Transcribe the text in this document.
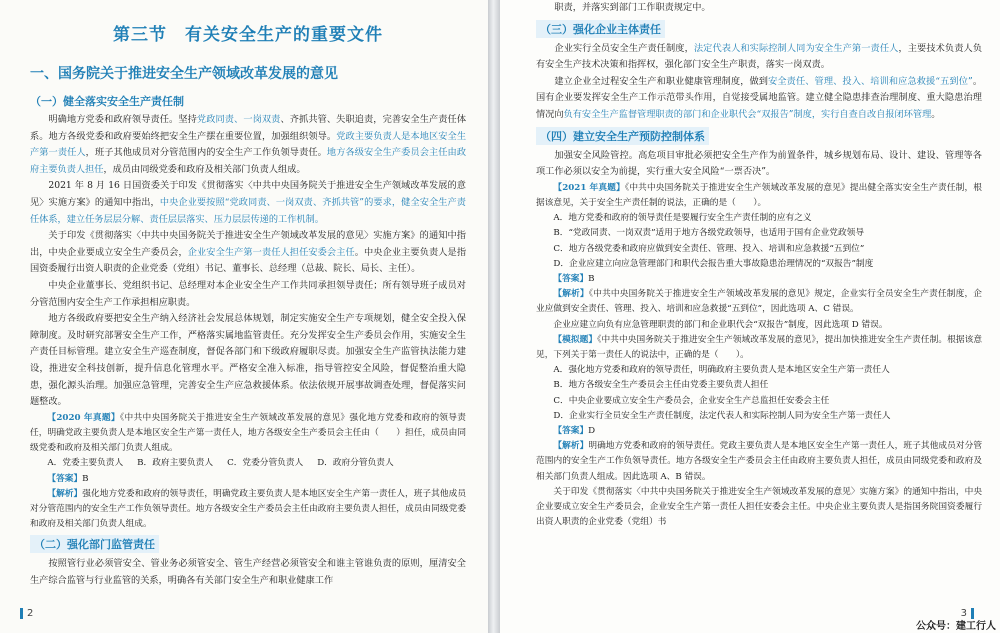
第三节　有关安全生产的重要文件
一、国务院关于推进安全生产领域改革发展的意见
（一）健全落实安全生产责任制

明确地方党委和政府领导责任。坚持党政同责、一岗双责、齐抓共管、失职追责，完善安全生产责任体系。地方各级党委和政府要始终把安全生产摆在重要位置，加强组织领导。党政主要负责人是本地区安全生产第一责任人，班子其他成员对分管范围内的安全生产工作负领导责任。地方各级安全生产委员会主任由政府主要负责人担任，成员由同级党委和政府及相关部门负责人组成。

2021 年 8 月 16 日国资委关于印发《贯彻落实〈中共中央国务院关于推进安全生产领域改革发展的意见〉实施方案》的通知中指出，中央企业要按照“党政同责、一岗双责、齐抓共管”的要求，健全安全生产责任体系，建立任务层层分解、责任层层落实、压力层层传递的工作机制。

关于印发《贯彻落实〈中共中央国务院关于推进安全生产领域改革发展的意见〉实施方案》的通知中指出，中央企业要成立安全生产委员会，企业安全生产第一责任人担任安委会主任。中央企业主要负责人是指国资委履行出资人职责的企业党委（党组）书记、董事长、总经理（总裁、院长、局长、主任）。

中央企业董事长、党组织书记、总经理对本企业安全生产工作共同承担领导责任；所有领导班子成员对分管范围内安全生产工作承担相应职责。

地方各级政府要把安全生产纳入经济社会发展总体规划，制定实施安全生产专项规划，健全安全投入保障制度。及时研究部署安全生产工作，严格落实属地监管责任。充分发挥安全生产委员会作用，实施安全生产责任目标管理。建立安全生产巡查制度，督促各部门和下级政府履职尽责。加强安全生产监管执法能力建设，推进安全科技创新，提升信息化管理水平。严格安全准入标准，指导管控安全风险，督促整治重大隐患，强化源头治理。加强应急管理，完善安全生产应急救援体系。依法依规开展事故调查处理，督促落实问题整改。

【2020 年真题】《中共中央国务院关于推进安全生产领域改革发展的意见》强化地方党委和政府的领导责任，明确党政主要负责人是本地区安全生产第一责任人，地方各级安全生产委员会主任由（　　）担任，成员由同级党委和政府及相关部门负责人组成。

A．党委主要负责人 B．政府主要负责人 C．党委分管负责人 D．政府分管负责人

【答案】B

【解析】强化地方党委和政府的领导责任，明确党政主要负责人是本地区安全生产第一责任人，班子其他成员对分管范围内的安全生产工作负领导责任。地方各级安全生产委员会主任由政府主要负责人担任，成员由同级党委和政府及相关部门负责人组成。

（二）强化部门监管责任

按照管行业必须管安全、管业务必须管安全、管生产经营必须管安全和谁主管谁负责的原则，厘清安全生产综合监管与行业监管的关系，明确各有关部门安全生产和职业健康工作

2

职责，并落实到部门工作职责规定中。

（三）强化企业主体责任

企业实行全员安全生产责任制度，法定代表人和实际控制人同为安全生产第一责任人，主要技术负责人负有安全生产技术决策和指挥权，强化部门安全生产职责，落实一岗双责。

建立企业全过程安全生产和职业健康管理制度，做到安全责任、管理、投入、培训和应急救援“五到位”。国有企业要发挥安全生产工作示范带头作用，自觉接受属地监管。建立健全隐患排查治理制度、重大隐患治理情况向负有安全生产监督管理职责的部门和企业职代会“双报告”制度，实行自查自改自报闭环管理。

（四）建立安全生产预防控制体系

加强安全风险管控。高危项目审批必须把安全生产作为前置条件，城乡规划布局、设计、建设、管理等各项工作必须以安全为前提，实行重大安全风险“一票否决”。

【2021 年真题】《中共中央国务院关于推进安全生产领域改革发展的意见》提出健全落实安全生产责任制，根据该意见，关于安全生产责任制的说法，正确的是（　　）。

A．地方党委和政府的领导责任是要履行安全生产责任制的应有之义

B．“党政同责、一岗双责”适用于地方各级党政领导，也适用于国有企业党政领导

C．地方各级党委和政府应做到安全责任、管理、投入、培训和应急救援“五到位”

D．企业应建立向应急管理部门和职代会报告重大事故隐患治理情况的“双报告”制度

【答案】B

【解析】《中共中央国务院关于推进安全生产领域改革发展的意见》规定，企业实行全员安全生产责任制度，企业应做到安全责任、管理、投入、培训和应急救援“五到位”，因此选项 A、C 错误。

企业应建立向负有应急管理职责的部门和企业职代会“双报告”制度，因此选项 D 错误。

【模拟题】《中共中央国务院关于推进安全生产领域改革发展的意见》，提出加快推进安全生产责任制。根据该意见，下列关于第一责任人的说法中，正确的是（　　）。

A．强化地方党委和政府的领导责任，明确政府主要负责人是本地区安全生产第一责任人

B．地方各级安全生产委员会主任由党委主要负责人担任

C．中央企业要成立安全生产委员会，企业安全生产总监担任安委会主任

D．企业实行全员安全生产责任制度，法定代表人和实际控制人同为安全生产第一责任人

【答案】D

【解析】明确地方党委和政府的领导责任。党政主要负责人是本地区安全生产第一责任人，班子其他成员对分管范围内的安全生产工作负领导责任。地方各级安全生产委员会主任由政府主要负责人担任，成员由同级党委和政府及相关部门负责人组成。因此选项 A、B 错误。

关于印发《贯彻落实〈中共中央国务院关于推进安全生产领域改革发展的意见〉实施方案》的通知中指出，中央企业要成立安全生产委员会，企业安全生产第一责任人担任安委会主任。中央企业主要负责人是指国务院国资委履行出资人职责的企业党委（党组）书

3
公众号：建工行人
